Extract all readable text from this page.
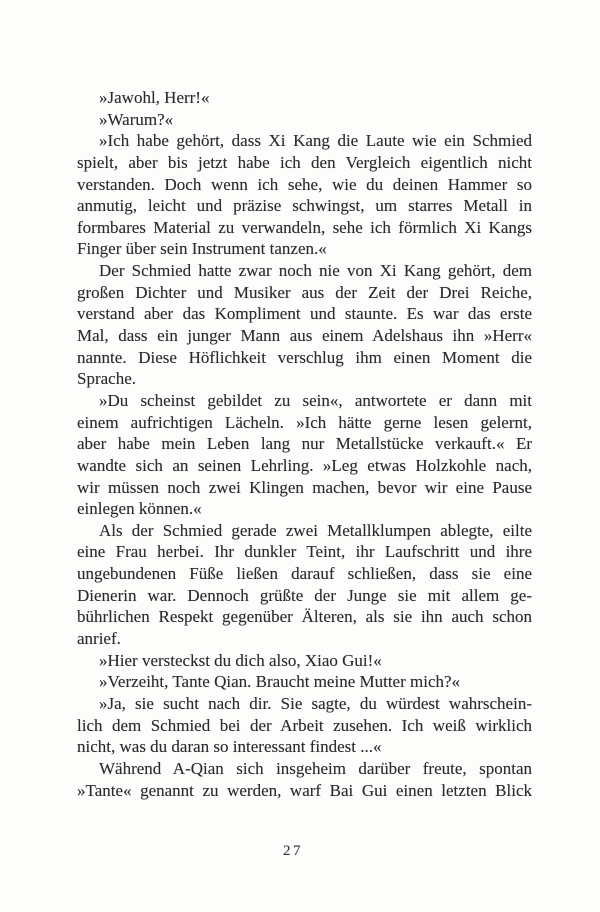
»Jawohl, Herr!«
»Warum?«
»Ich habe gehört, dass Xi Kang die Laute wie ein Schmied
spielt, aber bis jetzt habe ich den Vergleich eigentlich nicht
verstanden. Doch wenn ich sehe, wie du deinen Hammer so
anmutig, leicht und präzise schwingst, um starres Metall in
formbares Material zu verwandeln, sehe ich förmlich Xi Kangs
Finger über sein Instrument tanzen.«
Der Schmied hatte zwar noch nie von Xi Kang gehört, dem
großen Dichter und Musiker aus der Zeit der Drei Reiche,
verstand aber das Kompliment und staunte. Es war das erste
Mal, dass ein junger Mann aus einem Adelshaus ihn »Herr«
nannte. Diese Höflichkeit verschlug ihm einen Moment die
Sprache.
»Du scheinst gebildet zu sein«, antwortete er dann mit
einem aufrichtigen Lächeln. »Ich hätte gerne lesen gelernt,
aber habe mein Leben lang nur Metallstücke verkauft.« Er
wandte sich an seinen Lehrling. »Leg etwas Holzkohle nach,
wir müssen noch zwei Klingen machen, bevor wir eine Pause
einlegen können.«
Als der Schmied gerade zwei Metallklumpen ablegte, eilte
eine Frau herbei. Ihr dunkler Teint, ihr Laufschritt und ihre
ungebundenen Füße ließen darauf schließen, dass sie eine
Dienerin war. Dennoch grüßte der Junge sie mit allem ge-
bührlichen Respekt gegenüber Älteren, als sie ihn auch schon
anrief.
»Hier versteckst du dich also, Xiao Gui!«
»Verzeiht, Tante Qian. Braucht meine Mutter mich?«
»Ja, sie sucht nach dir. Sie sagte, du würdest wahrschein-
lich dem Schmied bei der Arbeit zusehen. Ich weiß wirklich
nicht, was du daran so interessant findest ...«
Während A-Qian sich insgeheim darüber freute, spontan
»Tante« genannt zu werden, warf Bai Gui einen letzten Blick
27
